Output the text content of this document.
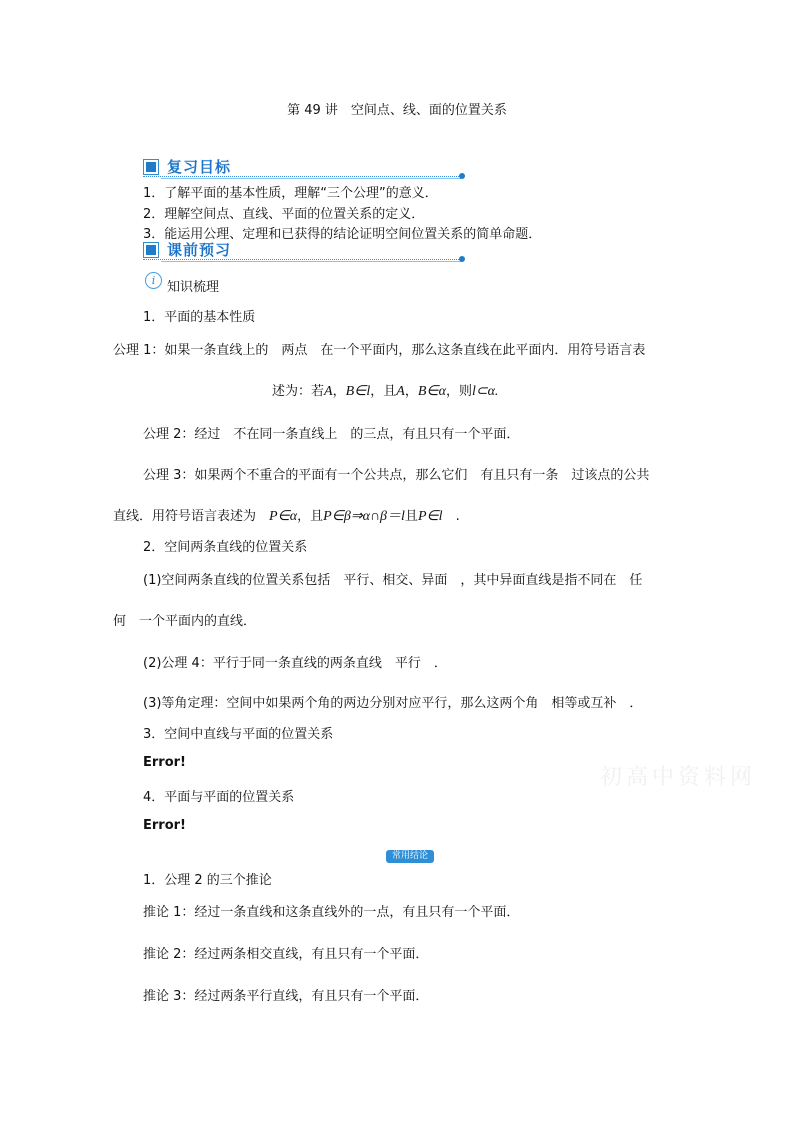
第 49 讲　空间点、线、面的位置关系
复习目标
1．了解平面的基本性质，理解“三个公理”的意义．
2．理解空间点、直线、平面的位置关系的定义．
3．能运用公理、定理和已获得的结论证明空间位置关系的简单命题．
课前预习
i 知识梳理
1．平面的基本性质
公理 1：如果一条直线上的　两点　在一个平面内，那么这条直线在此平面内．用符号语言表
述为：若A，B∈l，且A，B∈α，则l⊂α.
公理 2：经过　不在同一条直线上　的三点，有且只有一个平面．
公理 3：如果两个不重合的平面有一个公共点，那么它们　有且只有一条　过该点的公共
直线．用符号语言表述为　P∈α，且P∈β⇒α∩β＝l且P∈l　.
2．空间两条直线的位置关系
(1)空间两条直线的位置关系包括　平行、相交、异面　，其中异面直线是指不同在　任
何　一个平面内的直线．
(2)公理 4：平行于同一条直线的两条直线　平行　．
(3)等角定理：空间中如果两个角的两边分别对应平行，那么这两个角　相等或互补　．
3．空间中直线与平面的位置关系
Error!
初高中资料网
4．平面与平面的位置关系
Error!
常用结论
1．公理 2 的三个推论
推论 1：经过一条直线和这条直线外的一点，有且只有一个平面．
推论 2：经过两条相交直线，有且只有一个平面．
推论 3：经过两条平行直线，有且只有一个平面．
